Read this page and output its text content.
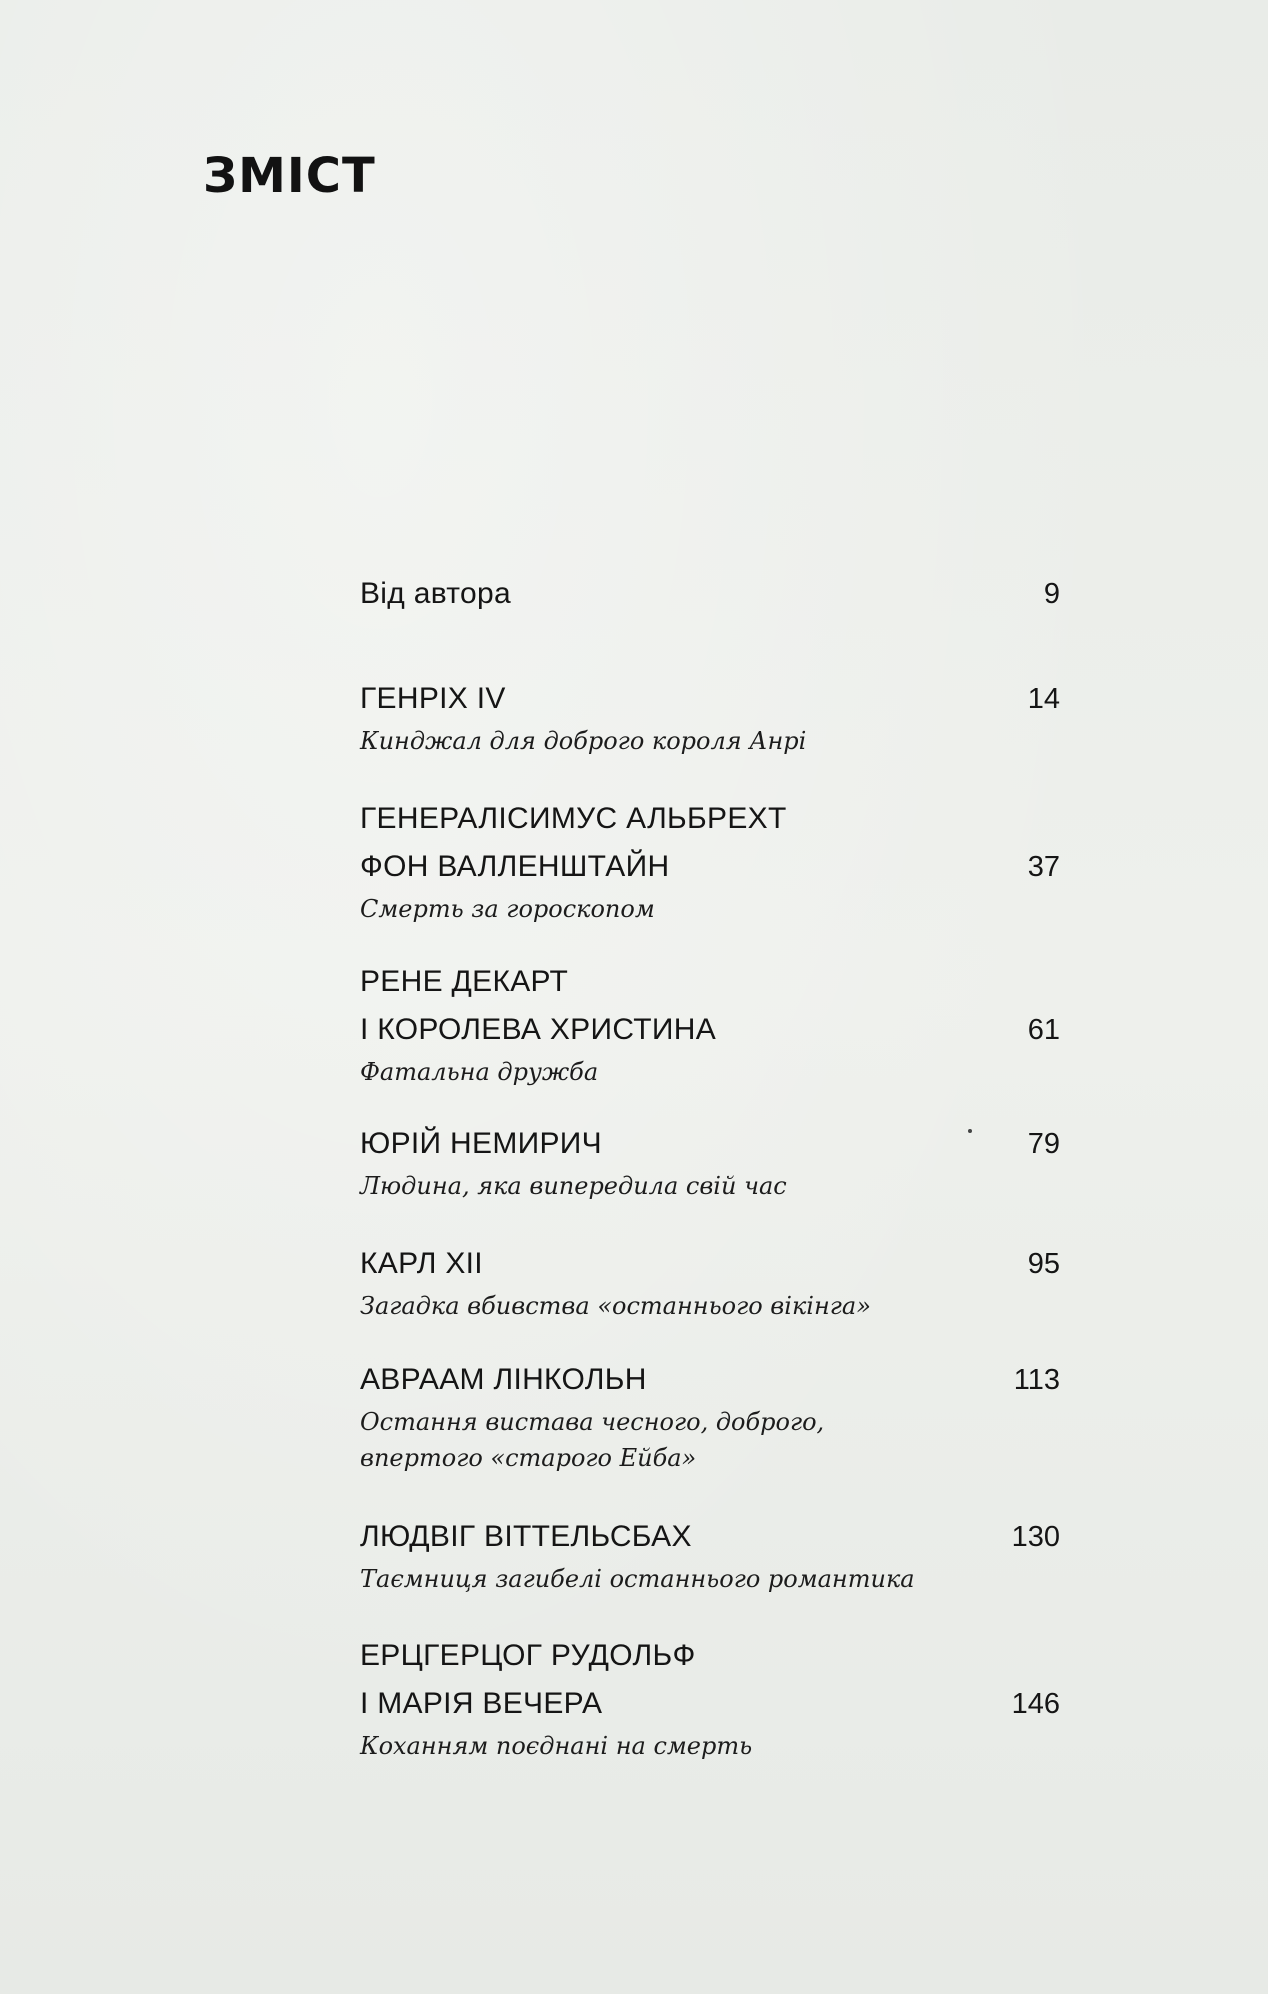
ЗМІСТ
Від автора	9
ГЕНРІХ IV	14
Кинджал для доброго короля Анрі
ГЕНЕРАЛІСИМУС АЛЬБРЕХТ
ФОН ВАЛЛЕНШТАЙН	37
Смерть за гороскопом
РЕНЕ ДЕКАРТ
І КОРОЛЕВА ХРИСТИНА	61
Фатальна дружба
ЮРІЙ НЕМИРИЧ	79
Людина, яка випередила свій час
КАРЛ XII	95
Загадка вбивства «останнього вікінга»
АВРААМ ЛІНКОЛЬН	113
Остання вистава чесного, доброго,
впертого «старого Ейба»
ЛЮДВІГ ВІТТЕЛЬСБАХ	130
Таємниця загибелі останнього романтика
ЕРЦГЕРЦОГ РУДОЛЬФ
І МАРІЯ ВЕЧЕРА	146
Коханням поєднані на смерть
